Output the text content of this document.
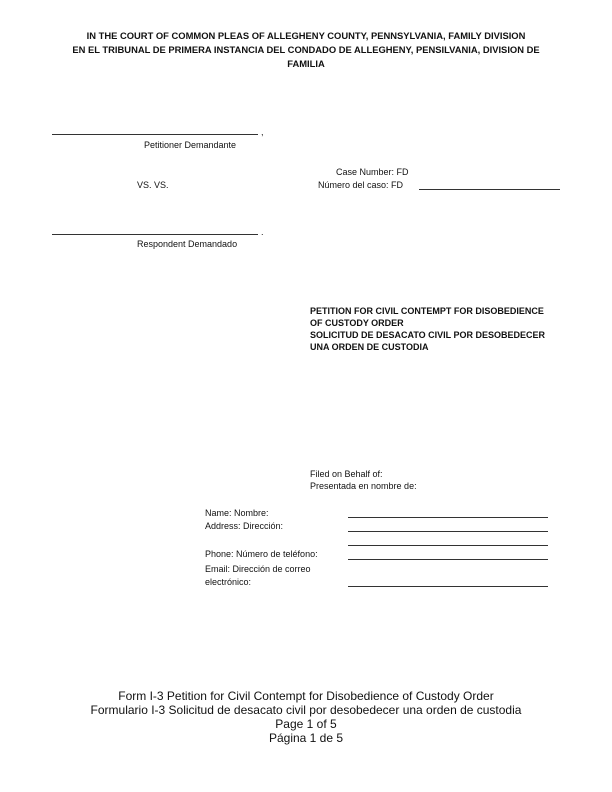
IN THE COURT OF COMMON PLEAS OF ALLEGHENY COUNTY, PENNSYLVANIA, FAMILY DIVISION
EN EL TRIBUNAL DE PRIMERA INSTANCIA DEL CONDADO DE ALLEGHENY, PENSILVANIA, DIVISION DE
FAMILIA
,
Petitioner Demandante
VS. VS.
Case Number: FD
Número del caso: FD
.
Respondent Demandado
PETITION FOR CIVIL CONTEMPT FOR DISOBEDIENCE
OF CUSTODY ORDER
SOLICITUD DE DESACATO CIVIL POR DESOBEDECER
UNA ORDEN DE CUSTODIA
Filed on Behalf of:
Presentada en nombre de:
Name: Nombre:
Address: Dirección:
Phone: Número de teléfono:
Email: Dirección de correo
electrónico:
Form I-3 Petition for Civil Contempt for Disobedience of Custody Order
Formulario I-3 Solicitud de desacato civil por desobedecer una orden de custodia
Page 1 of 5
Página 1 de 5
